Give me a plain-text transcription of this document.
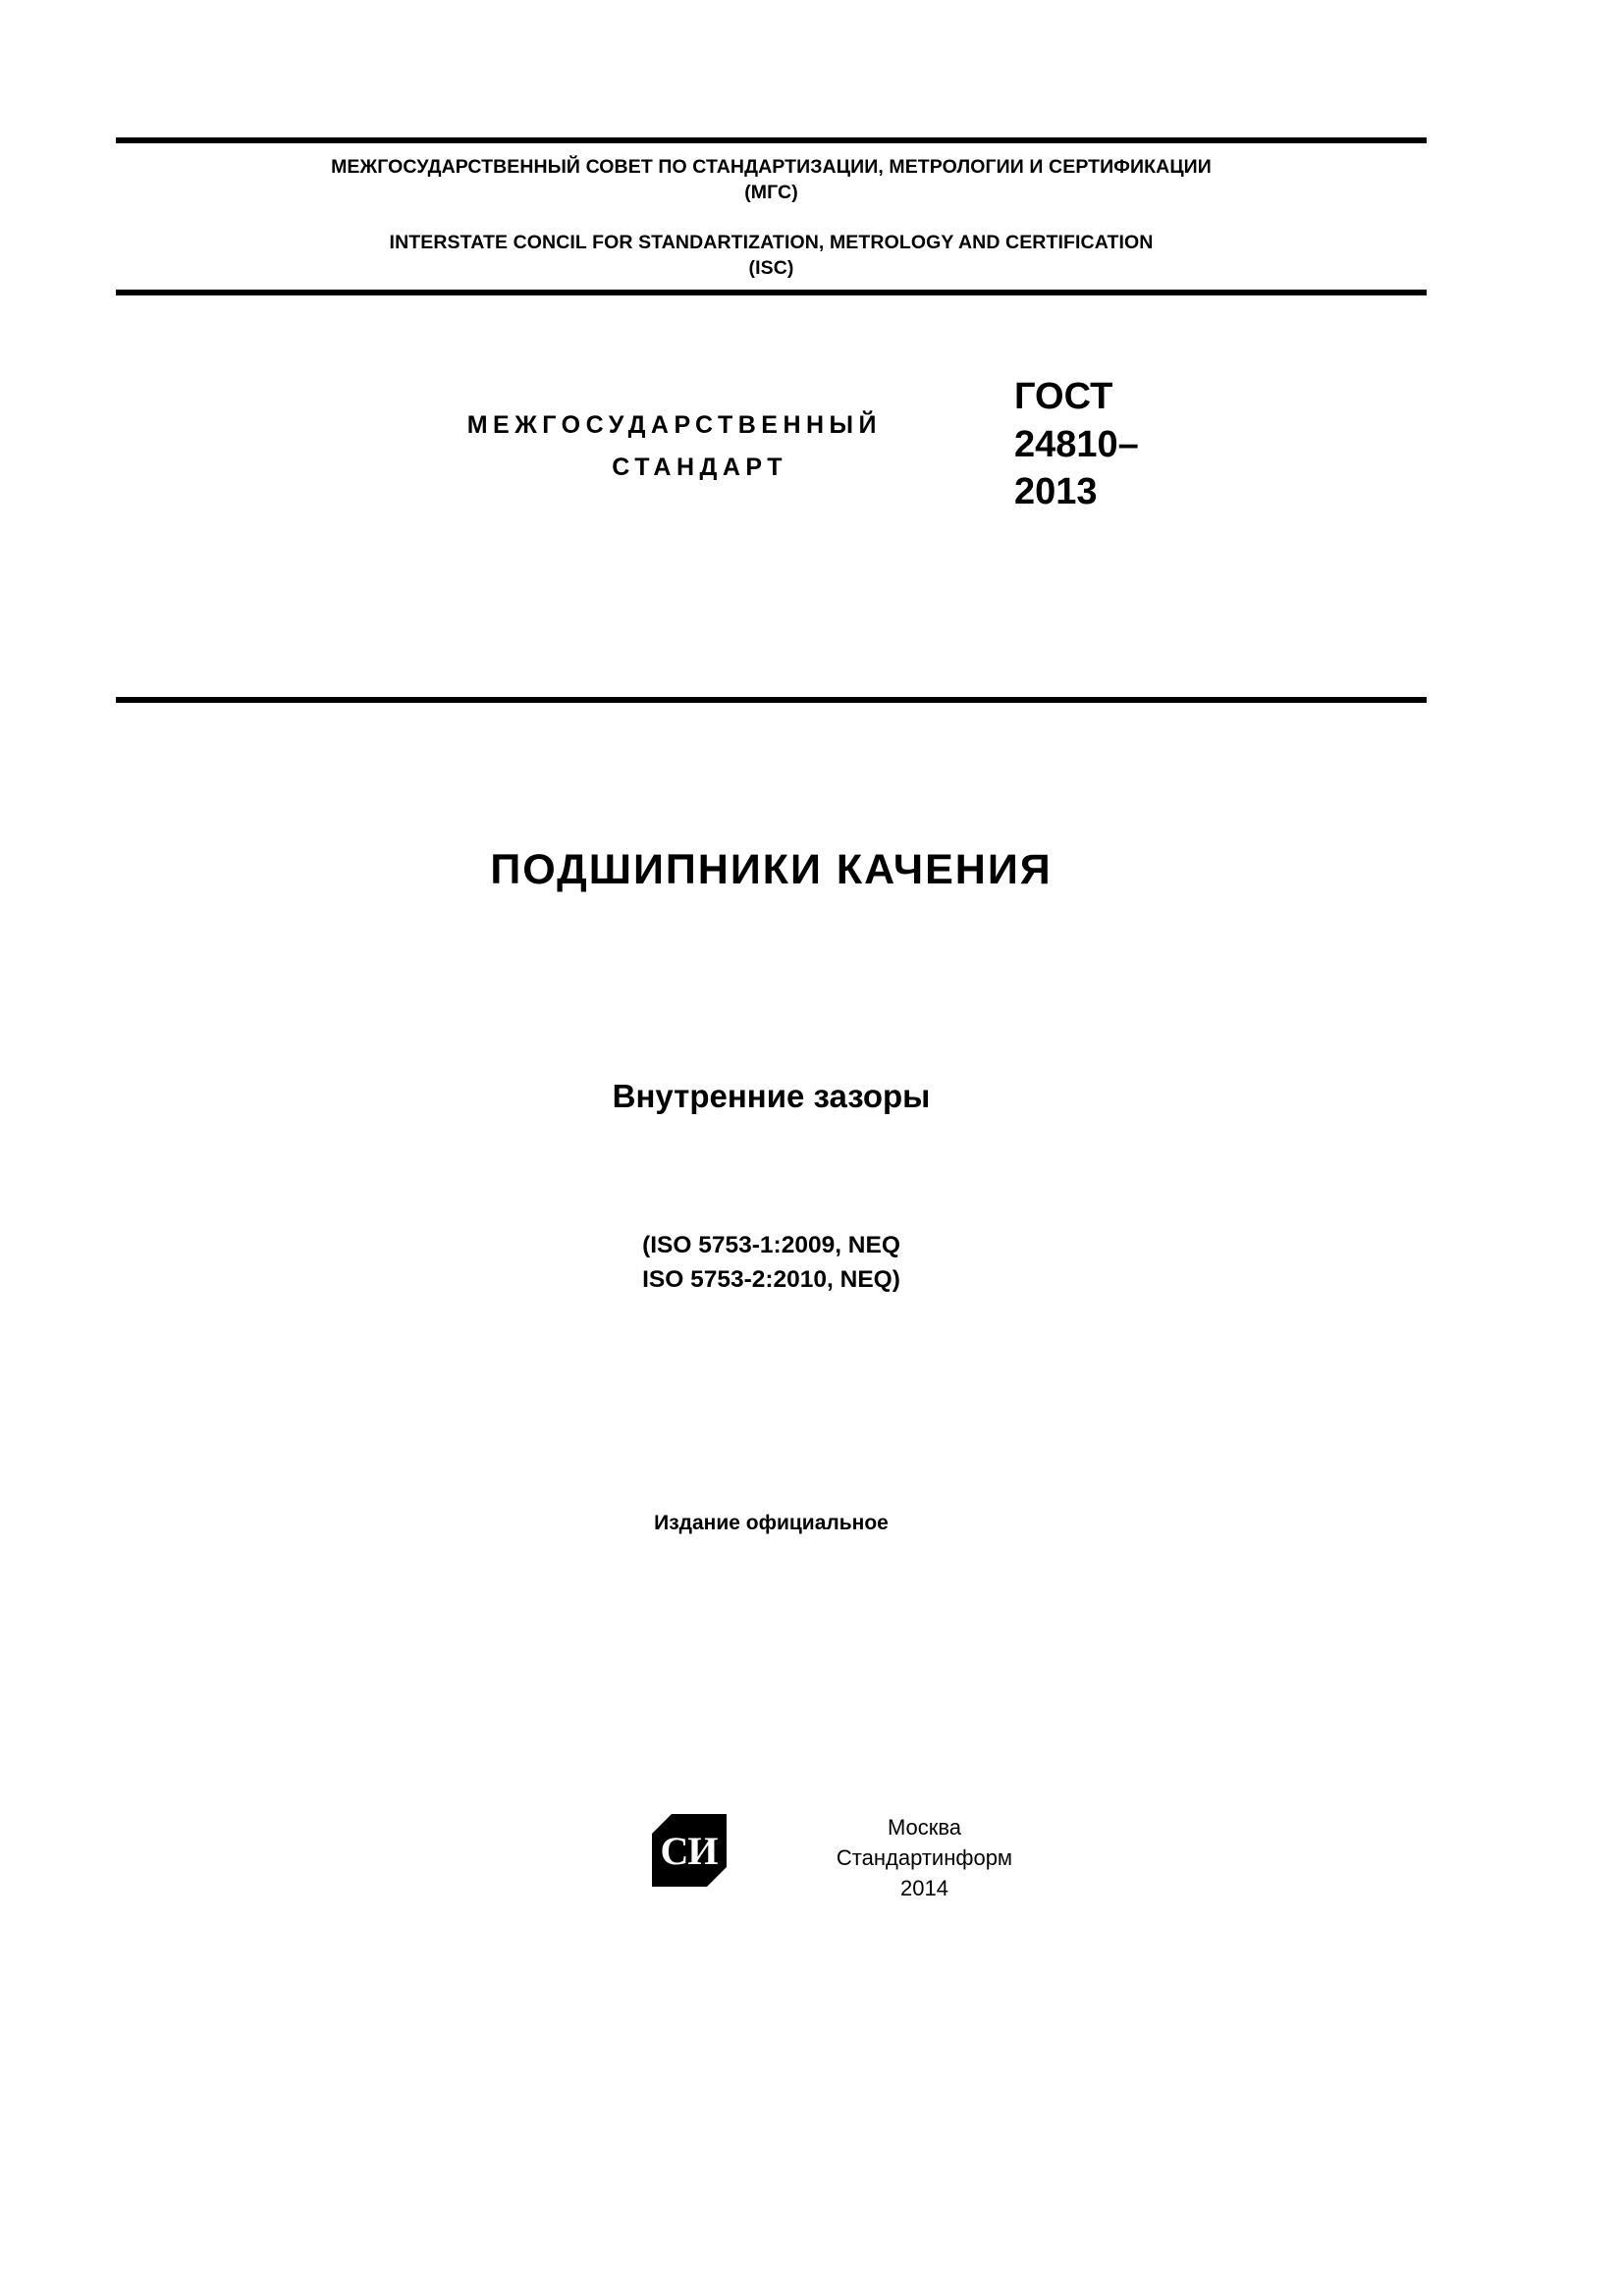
МЕЖГОСУДАРСТВЕННЫЙ СОВЕТ ПО СТАНДАРТИЗАЦИИ, МЕТРОЛОГИИ И СЕРТИФИКАЦИИ
(МГС)
INTERSTATE CONCIL FOR STANDARTIZATION, METROLOGY AND CERTIFICATION
(ISC)
МЕЖГОСУДАРСТВЕННЫЙ
СТАНДАРТ
ГОСТ
24810–
2013
ПОДШИПНИКИ КАЧЕНИЯ
Внутренние зазоры
(ISO 5753-1:2009, NEQ
ISO 5753-2:2010, NEQ)
Издание официальное
СИ
Москва
Стандартинформ
2014
